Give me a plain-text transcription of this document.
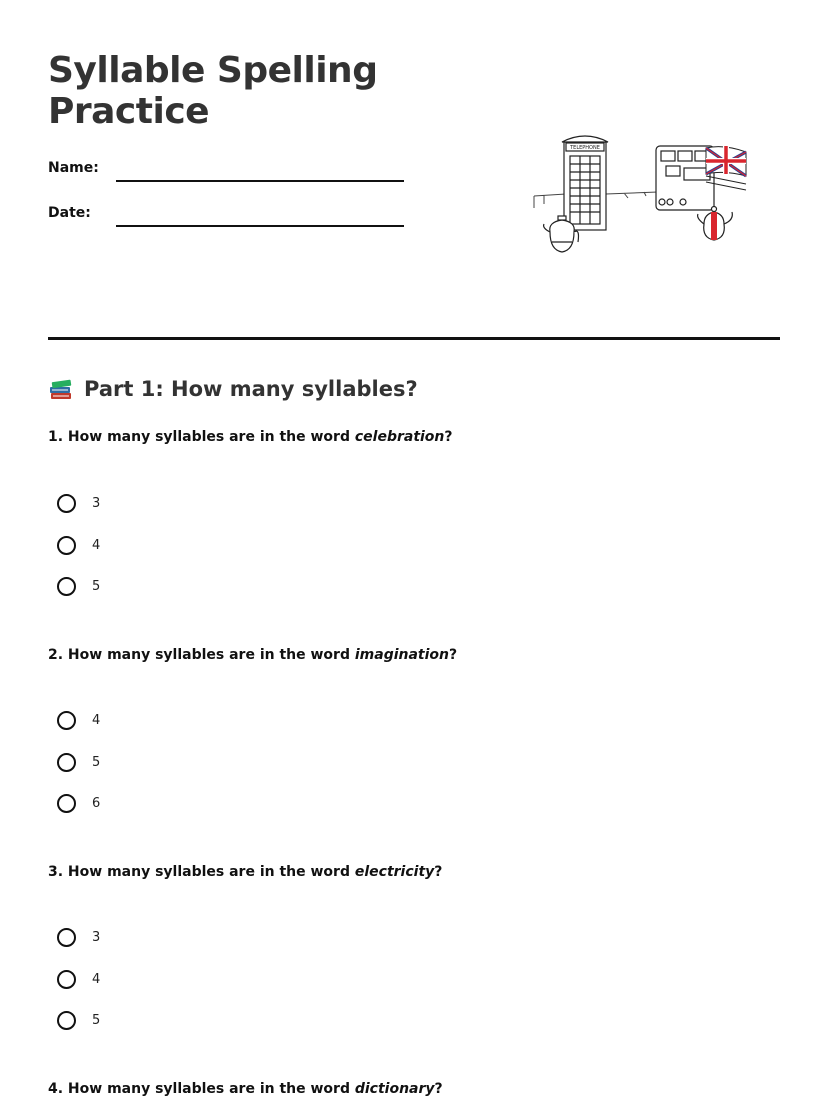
Syllable Spelling
Practice
Name:
Date:
TELEPHONE
Part 1: How many syllables?
1. How many syllables are in the word celebration?
3
4
5
2. How many syllables are in the word imagination?
4
5
6
3. How many syllables are in the word electricity?
3
4
5
4. How many syllables are in the word dictionary?
